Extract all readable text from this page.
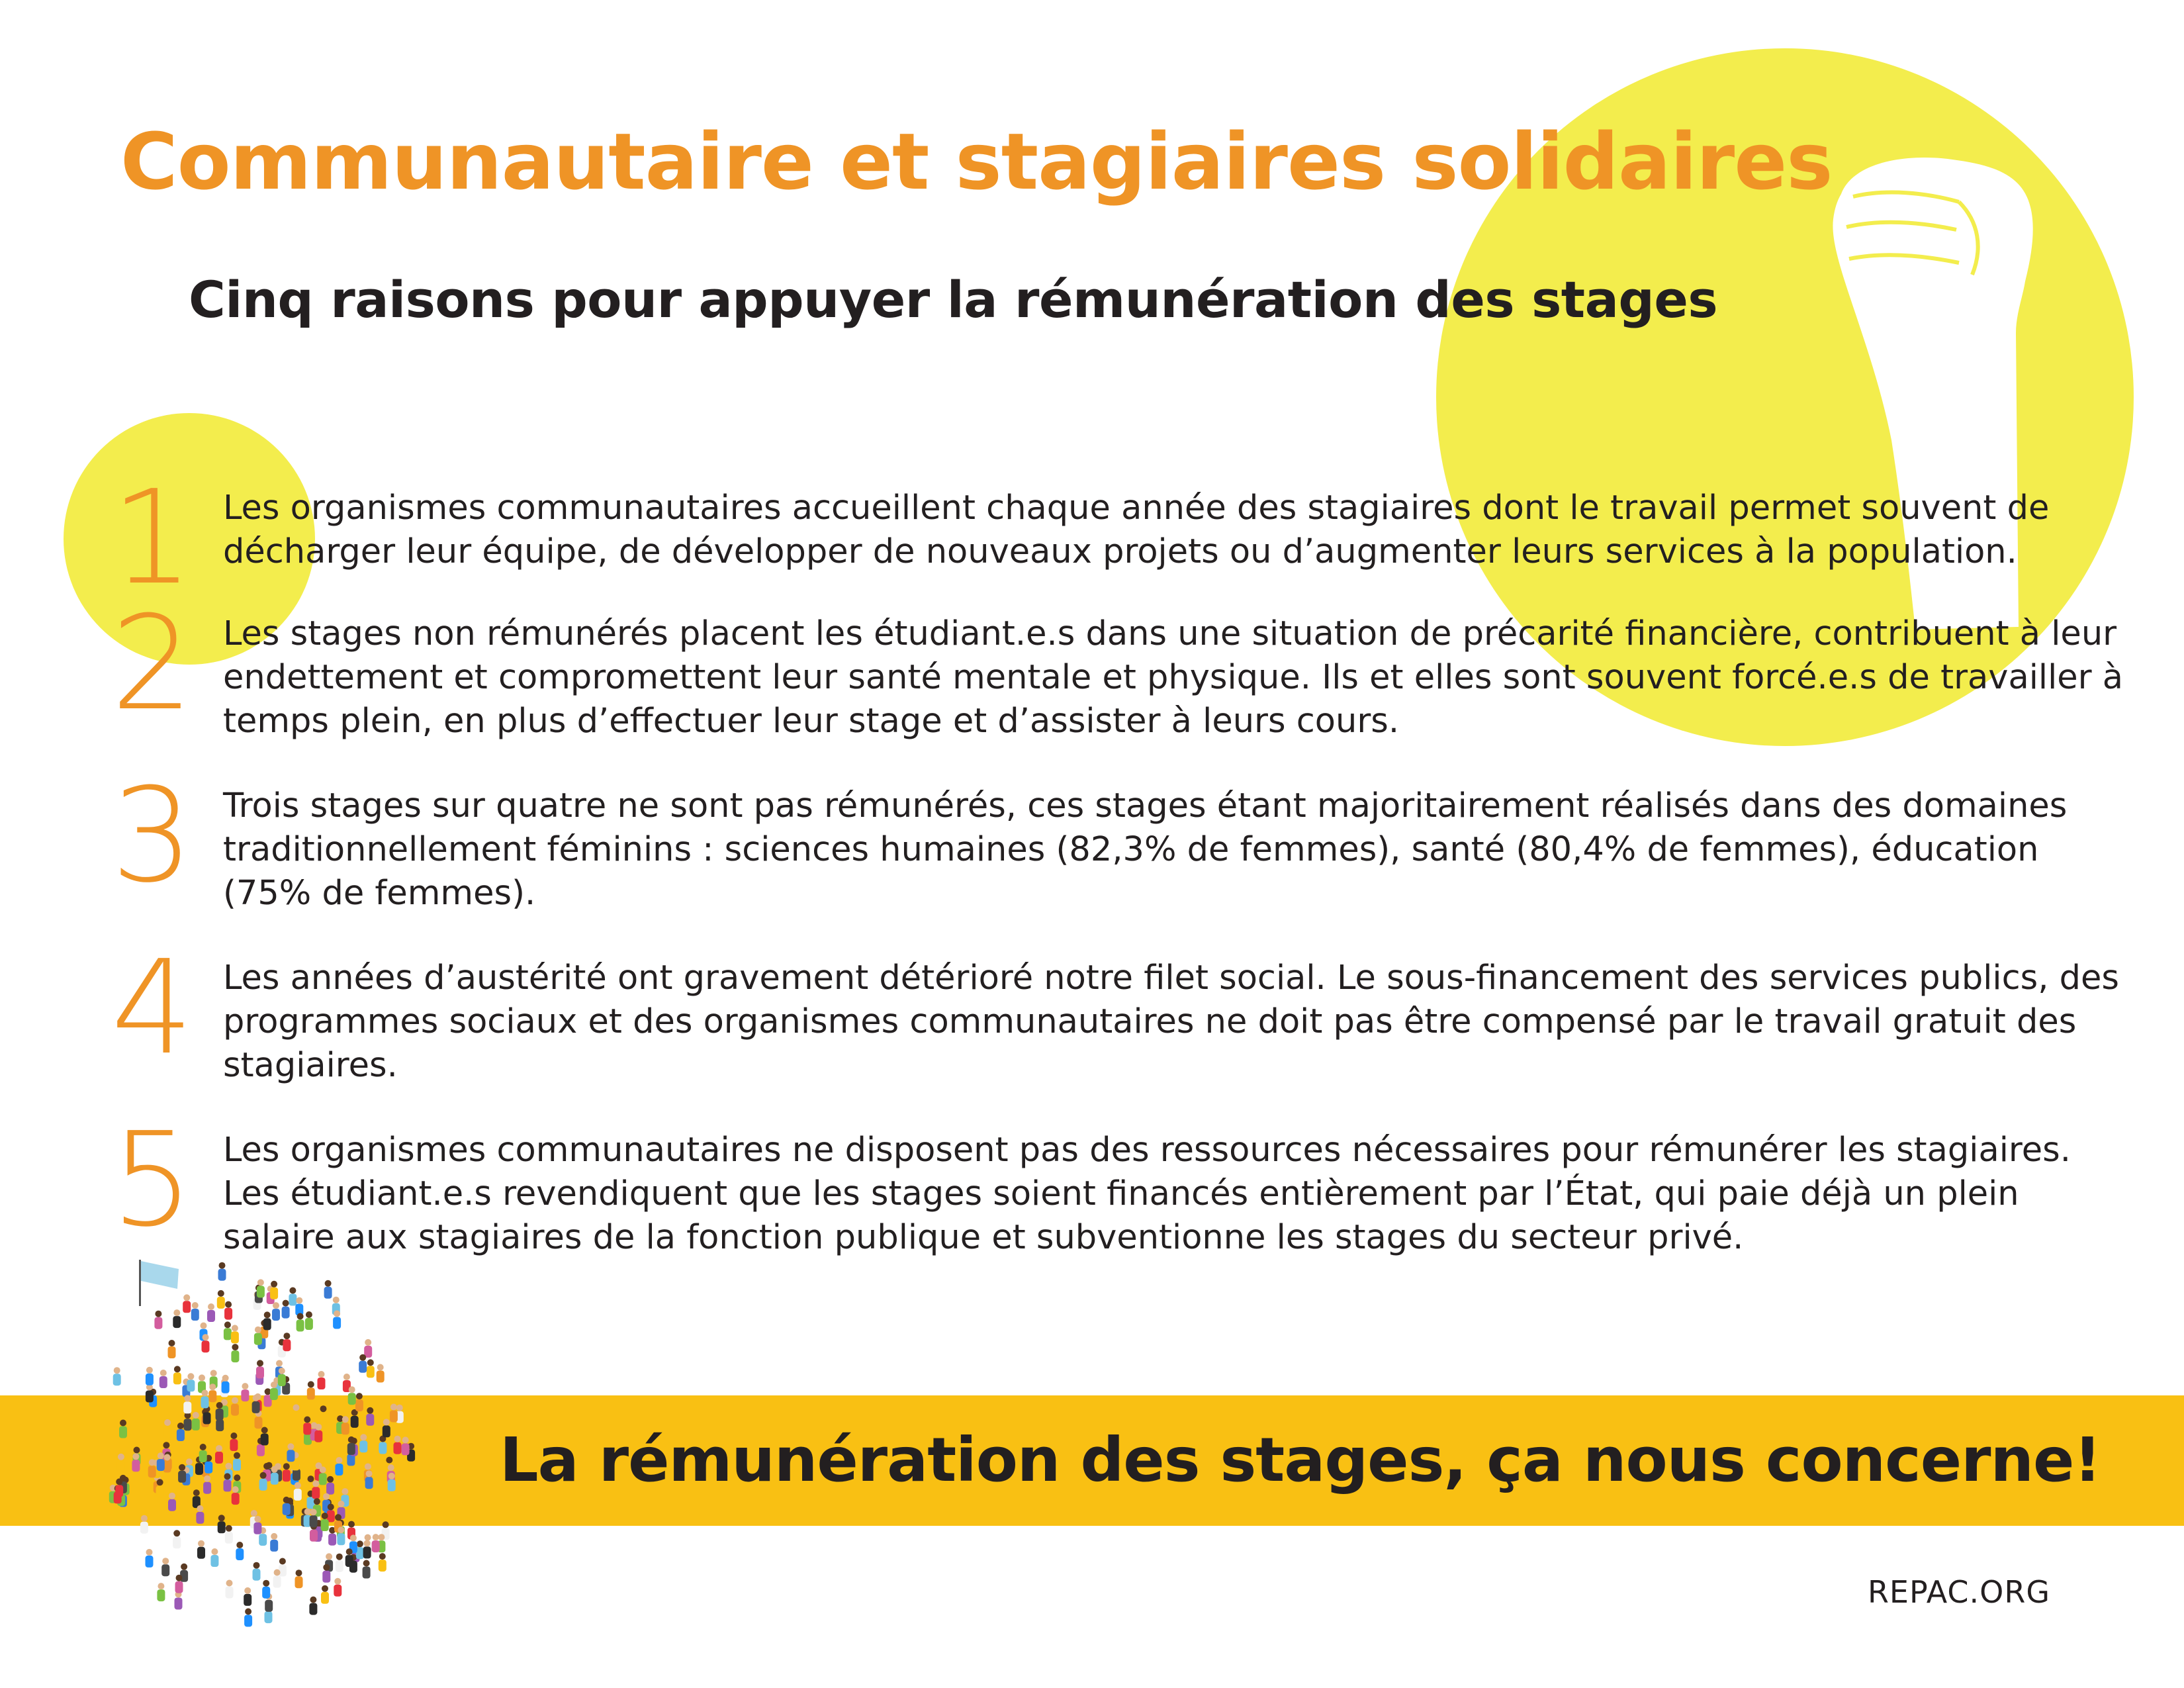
Communautaire et stagiaires solidaires
Cinq raisons pour appuyer la rémunération des stages
1 Les organismes communautaires accueillent chaque année des stagiaires dont le travail permet souvent de décharger leur équipe, de développer de nouveaux projets ou d’augmenter leurs services à la population.

2 Les stages non rémunérés placent les étudiant.e.s dans une situation de précarité financière, contribuent à leur endettement et compromettent leur santé mentale et physique. Ils et elles sont souvent forcé.e.s de travailler à temps plein, en plus d’effectuer leur stage et d’assister à leurs cours.

3 Trois stages sur quatre ne sont pas rémunérés, ces stages étant majoritairement réalisés dans des domaines traditionnellement féminins : sciences humaines (82,3% de femmes), santé (80,4% de femmes), éducation (75% de femmes).

4 Les années d’austérité ont gravement détérioré notre filet social. Le sous-financement des services publics, des programmes sociaux et des organismes communautaires ne doit pas être compensé par le travail gratuit des stagiaires.

5 Les organismes communautaires ne disposent pas des ressources nécessaires pour rémunérer les stagiaires. Les étudiant.e.s revendiquent que les stages soient financés entièrement par l’État, qui paie déjà un plein salaire aux stagiaires de la fonction publique et subventionne les stages du secteur privé.

La rémunération des stages, ça nous concerne!

REPAC.ORG
